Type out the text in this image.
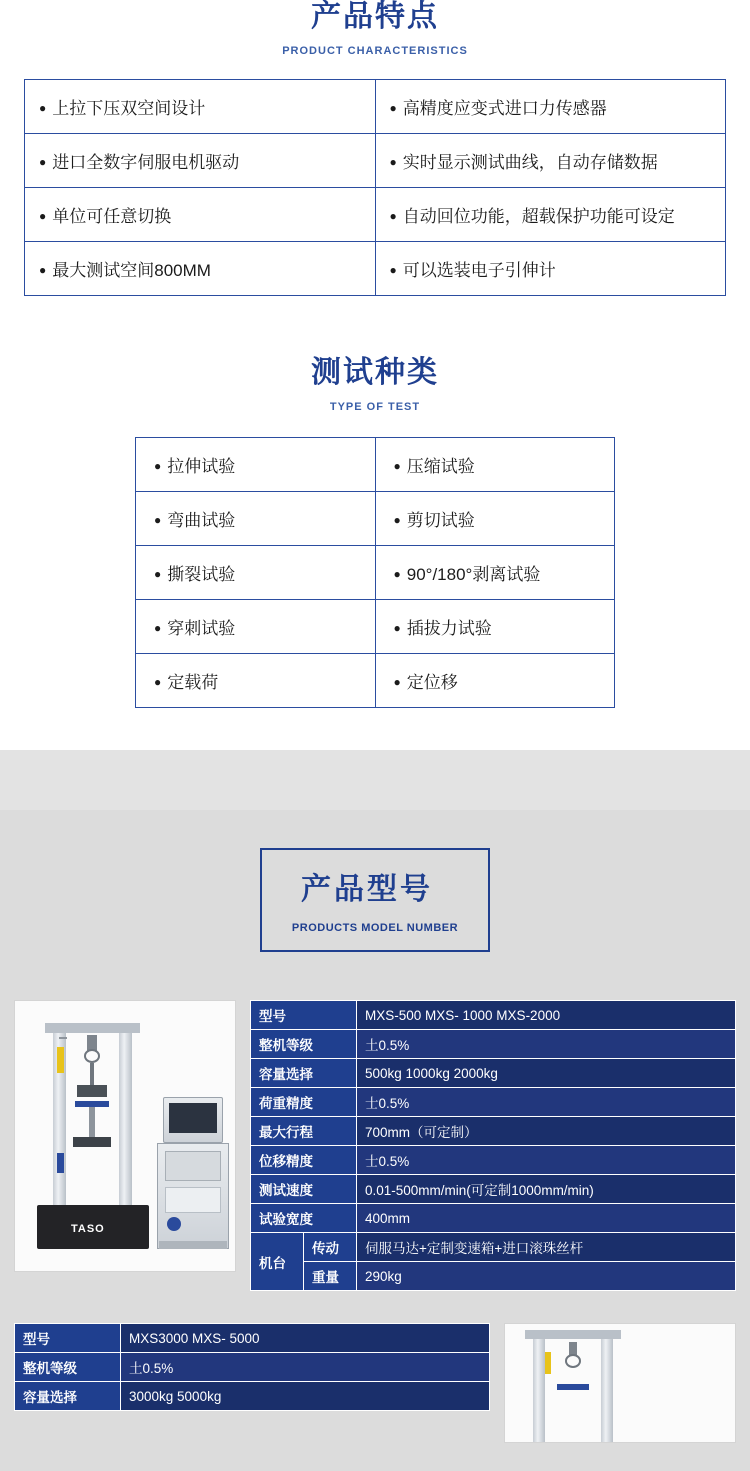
产品特点
PRODUCT CHARACTERISTICS
● 上拉下压双空间设计	● 高精度应变式进口力传感器
● 进口全数字伺服电机驱动	● 实时显示测试曲线，自动存储数据
● 单位可任意切换	● 自动回位功能，超载保护功能可设定
● 最大测试空间800MM	● 可以选装电子引伸计
测试种类
TYPE OF TEST
● 拉伸试验	● 压缩试验
● 弯曲试验	● 剪切试验
● 撕裂试验	● 90°/180°剥离试验
● 穿刺试验	● 插拔力试验
● 定载荷	● 定位移
产品型号
PRODUCTS MODEL NUMBER
TASO
型号		MXS-500 MXS- 1000 MXS-2000
整机等级		土0.5%
容量选择		500kg 1000kg 2000kg
荷重精度		士0.5%
最大行程		700mm（可定制）
位移精度		士0.5%
测试速度		0.01-500mm/min(可定制1000mm/min)
试验宽度		400mm
机台	传动	伺服马达+定制变速箱+进口滚珠丝杆
	重量	290kg
型号	MXS3000 MXS- 5000
整机等级	土0.5%
容量选择	3000kg 5000kg
